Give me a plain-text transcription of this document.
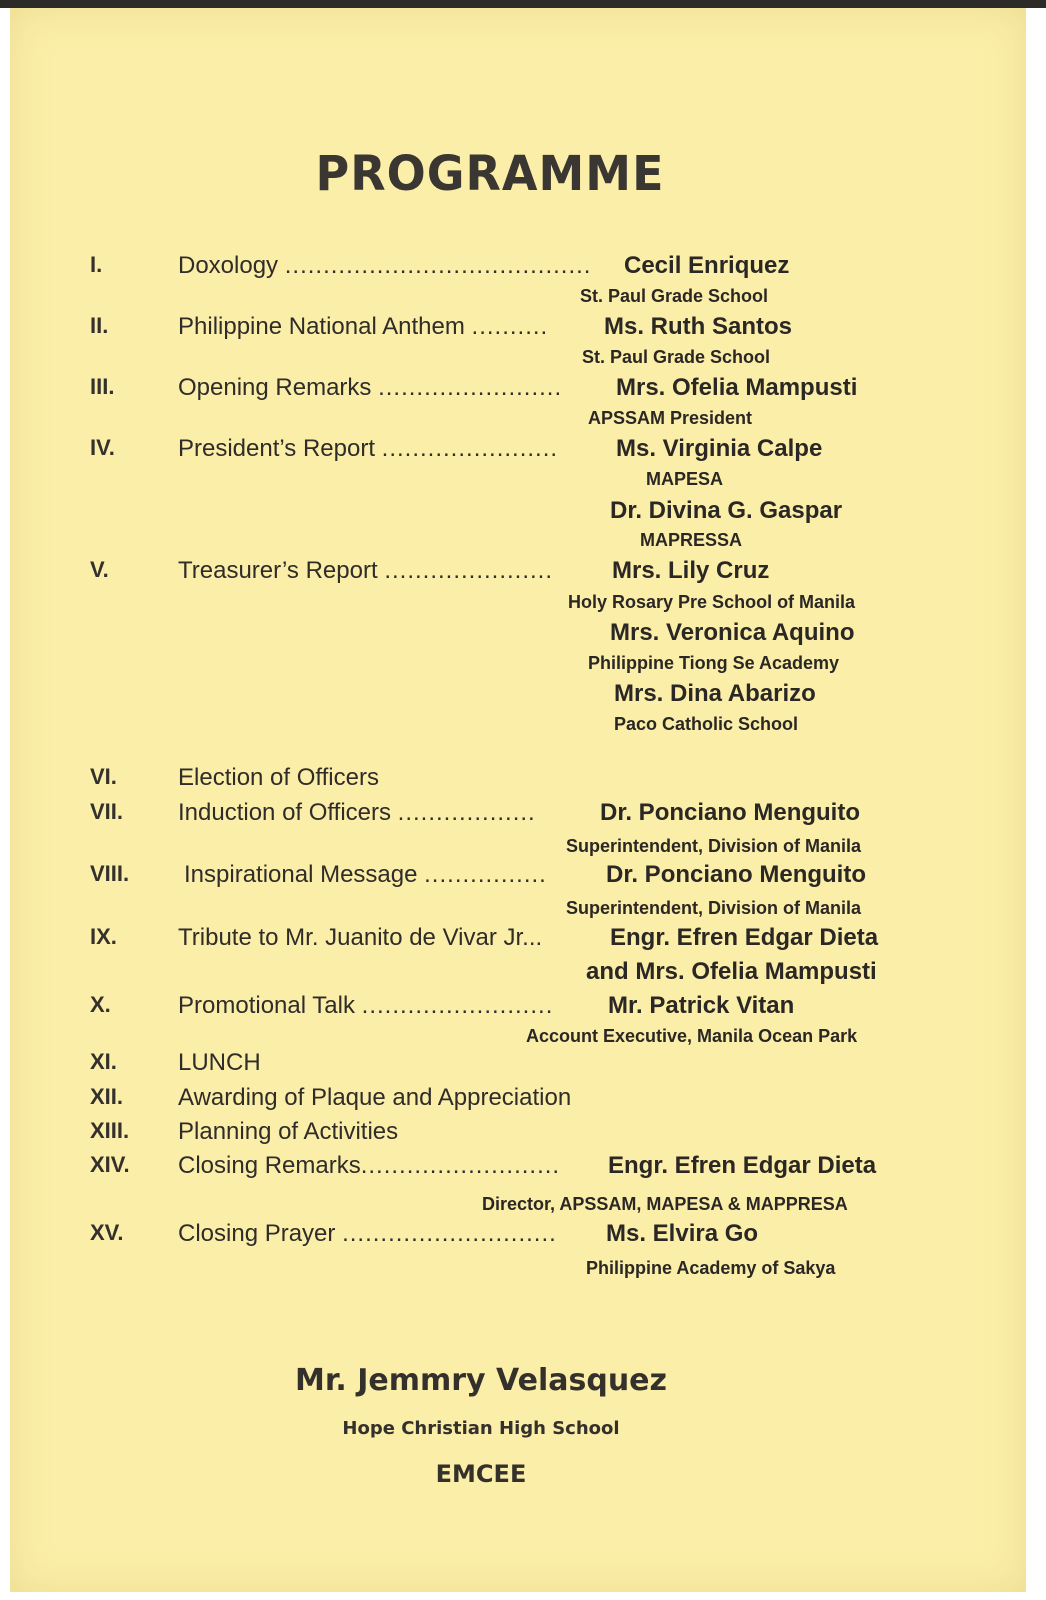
PROGRAMME
I.	Doxology ........................................ Cecil Enriquez
St. Paul Grade School
II.	Philippine National Anthem .......... Ms. Ruth Santos
St. Paul Grade School
III.	Opening Remarks ........................ Mrs. Ofelia Mampusti
APSSAM President
IV.	President’s Report ....................... Ms. Virginia Calpe
MAPESA
Dr. Divina G. Gaspar
MAPRESSA
V.	Treasurer’s Report ...................... Mrs. Lily Cruz
Holy Rosary Pre School of Manila
Mrs. Veronica Aquino
Philippine Tiong Se Academy
Mrs. Dina Abarizo
Paco Catholic School
VI.	Election of Officers
VII. Induction of Officers ..................	Dr. Ponciano Menguito
Superintendent, Division of Manila
VIII. Inspirational Message ................ Dr. Ponciano Menguito
Superintendent, Division of Manila
IX.	Tribute to Mr. Juanito de Vivar Jr...	Engr. Efren Edgar Dieta
and Mrs. Ofelia Mampusti
X.	Promotional Talk ......................... Mr. Patrick Vitan
Account Executive, Manila Ocean Park
XI.	LUNCH
XII. Awarding of Plaque and Appreciation
XIII. Planning of Activities
XIV. Closing Remarks.......................... Engr. Efren Edgar Dieta
Director, APSSAM, MAPESA & MAPPRESA
XV. Closing Prayer ............................ Ms. Elvira Go
Philippine Academy of Sakya
Mr. Jemmry Velasquez
Hope Christian High School
EMCEE
